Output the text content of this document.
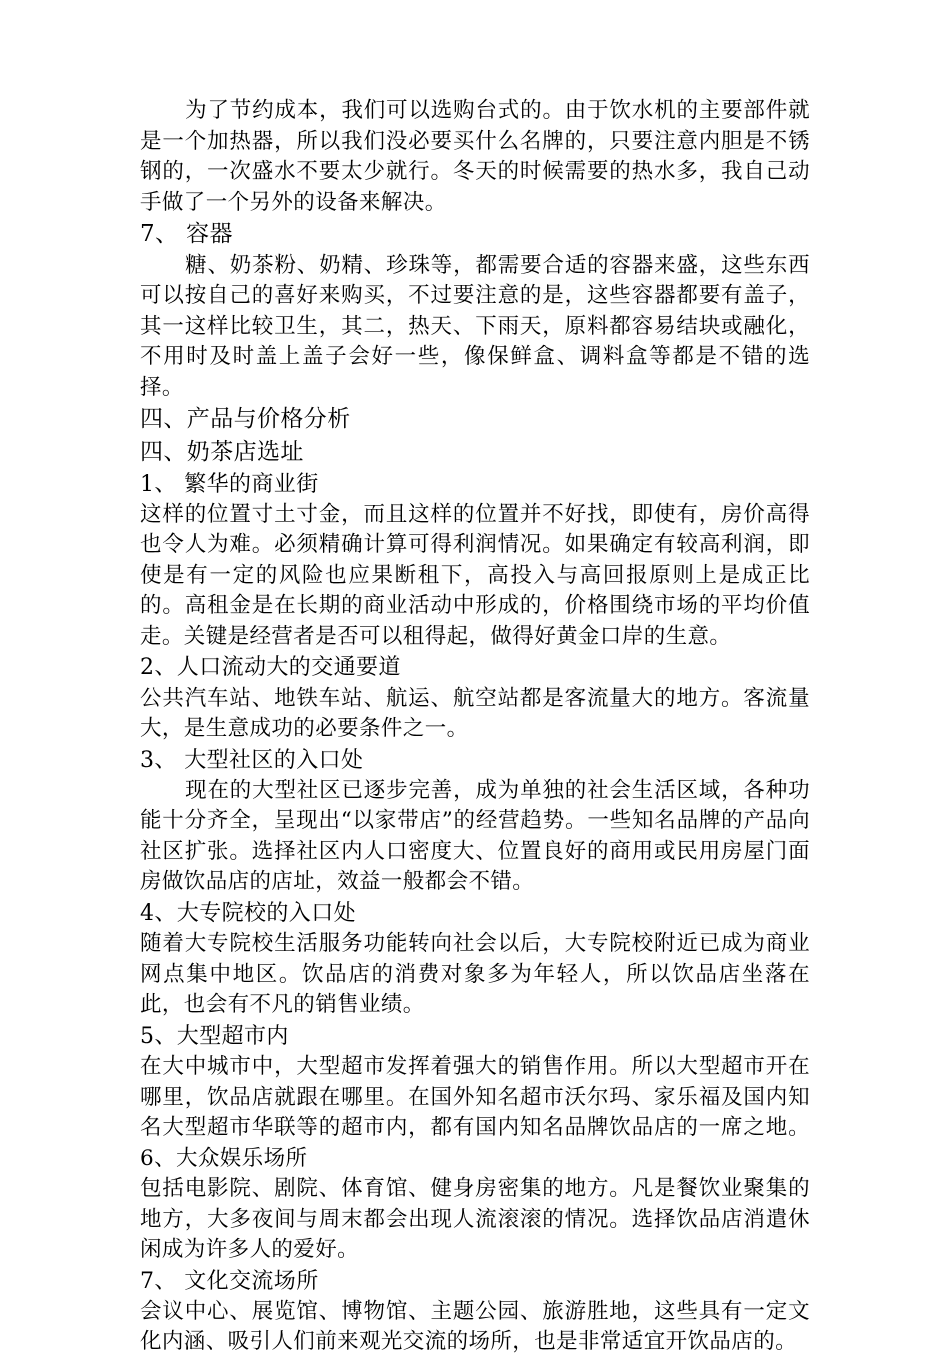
为了节约成本，我们可以选购台式的。由于饮水机的主要部件就是一个加热器，所以我们没必要买什么名牌的，只要注意内胆是不锈钢的，一次盛水不要太少就行。冬天的时候需要的热水多，我自己动手做了一个另外的设备来解决。

7、 容器

糖、奶茶粉、奶精、珍珠等，都需要合适的容器来盛，这些东西可以按自己的喜好来购买，不过要注意的是，这些容器都要有盖子，其一这样比较卫生，其二，热天、下雨天，原料都容易结块或融化，不用时及时盖上盖子会好一些，像保鲜盒、调料盒等都是不错的选择。

四、产品与价格分析
四、奶茶店选址
1、 繁华的商业街

这样的位置寸土寸金，而且这样的位置并不好找，即使有，房价高得也令人为难。必须精确计算可得利润情况。如果确定有较高利润，即使是有一定的风险也应果断租下，高投入与高回报原则上是成正比的。高租金是在长期的商业活动中形成的，价格围绕市场的平均价值走。关键是经营者是否可以租得起，做得好黄金口岸的生意。

2、人口流动大的交通要道

公共汽车站、地铁车站、航运、航空站都是客流量大的地方。客流量大，是生意成功的必要条件之一。

3、 大型社区的入口处

现在的大型社区已逐步完善，成为单独的社会生活区域，各种功能十分齐全，呈现出“以家带店”的经营趋势。一些知名品牌的产品向社区扩张。选择社区内人口密度大、位置良好的商用或民用房屋门面房做饮品店的店址，效益一般都会不错。

4、大专院校的入口处

随着大专院校生活服务功能转向社会以后，大专院校附近已成为商业网点集中地区。饮品店的消费对象多为年轻人，所以饮品店坐落在此，也会有不凡的销售业绩。

5、大型超市内

在大中城市中，大型超市发挥着强大的销售作用。所以大型超市开在哪里，饮品店就跟在哪里。在国外知名超市沃尔玛、家乐福及国内知名大型超市华联等的超市内，都有国内知名品牌饮品店的一席之地。 6、大众娱乐场所

包括电影院、剧院、体育馆、健身房密集的地方。凡是餐饮业聚集的地方，大多夜间与周末都会出现人流滚滚的情况。选择饮品店消遣休闲成为许多人的爱好。

7、 文化交流场所

会议中心、展览馆、博物馆、主题公园、旅游胜地，这些具有一定文化内涵、吸引人们前来观光交流的场所，也是非常适宜开饮品店的。
